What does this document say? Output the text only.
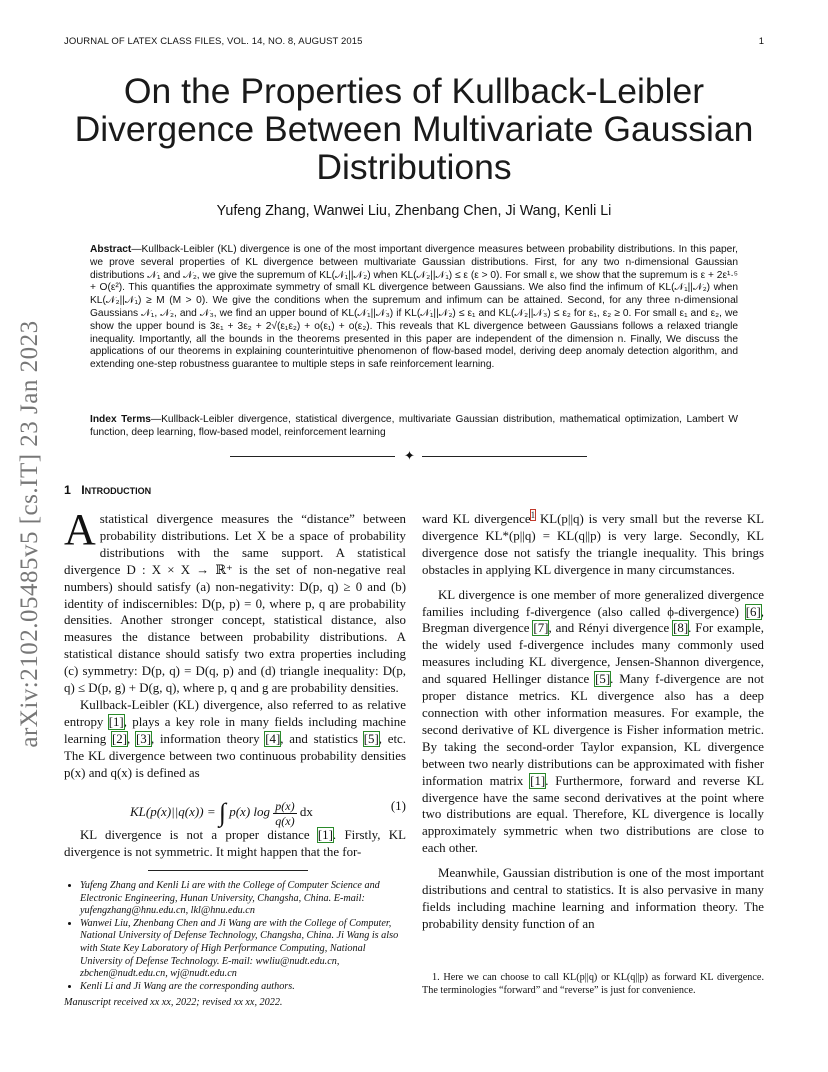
JOURNAL OF LATEX CLASS FILES, VOL. 14, NO. 8, AUGUST 2015	1
arXiv:2102.05485v5 [cs.IT] 23 Jan 2023
On the Properties of Kullback-Leibler
Divergence Between Multivariate Gaussian
Distributions
Yufeng Zhang, Wanwei Liu, Zhenbang Chen, Ji Wang, Kenli Li

Abstract—Kullback-Leibler (KL) divergence is one of the most important divergence measures between probability distributions. In this paper, we prove several properties of KL divergence between multivariate Gaussian distributions. First, for any two n-dimensional Gaussian distributions 𝒩₁ and 𝒩₂, we give the supremum of KL(𝒩₁||𝒩₂) when KL(𝒩₂||𝒩₁) ≤ ε (ε > 0). For small ε, we show that the supremum is ε + 2ε¹·⁵ + O(ε²). This quantifies the approximate symmetry of small KL divergence between Gaussians. We also find the infimum of KL(𝒩₁||𝒩₂) when KL(𝒩₂||𝒩₁) ≥ M (M > 0). We give the conditions when the supremum and infimum can be attained. Second, for any three n-dimensional Gaussians 𝒩₁, 𝒩₂, and 𝒩₃, we find an upper bound of KL(𝒩₁||𝒩₃) if KL(𝒩₁||𝒩₂) ≤ ε₁ and KL(𝒩₂||𝒩₃) ≤ ε₂ for ε₁, ε₂ ≥ 0. For small ε₁ and ε₂, we show the upper bound is 3ε₁ + 3ε₂ + 2√(ε₁ε₂) + o(ε₁) + o(ε₂). This reveals that KL divergence between Gaussians follows a relaxed triangle inequality. Importantly, all the bounds in the theorems presented in this paper are independent of the dimension n. Finally, We discuss the applications of our theorems in explaining counterintuitive phenomenon of flow-based model, deriving deep anomaly detection algorithm, and extending one-step robustness guarantee to multiple steps in safe reinforcement learning.

Index Terms—Kullback-Leibler divergence, statistical divergence, multivariate Gaussian distribution, mathematical optimization, Lambert W function, deep learning, flow-based model, reinforcement learning

✦
1 Introduction

A statistical divergence measures the “distance” between probability distributions. Let X be a space of probability distributions with the same support. A statistical divergence D : X × X → ℝ⁺ is the set of non-negative real numbers) should satisfy (a) non-negativity: D(p, q) ≥ 0 and (b) identity of indiscernibles: D(p, p) = 0, where p, q are probability densities. Another stronger concept, statistical distance, also measures the distance between probability distributions. A statistical distance should satisfy two extra properties including (c) symmetry: D(p, q) = D(q, p) and (d) triangle inequality: D(p, q) ≤ D(p, g) + D(g, q), where p, q and g are probability densities.

Kullback-Leibler (KL) divergence, also referred to as relative entropy [1], plays a key role in many fields including machine learning [2], [3], information theory [4], and statistics [5], etc. The KL divergence between two continuous probability densities p(x) and q(x) is defined as

KL(p(x)||q(x)) = ∫ p(x) $\log \frac{p(x)}{q(x)}$ dx	(1)

KL divergence is not a proper distance [1]. Firstly, KL divergence is not symmetric. It might happen that the for-

• Yufeng Zhang and Kenli Li are with the College of Computer Science and Electronic Engineering, Hunan University, Changsha, China. E-mail: yufengzhang@hnu.edu.cn, lkl@hnu.edu.cn
• Wanwei Liu, Zhenbang Chen and Ji Wang are with the College of Computer, National University of Defense Technology, Changsha, China. Ji Wang is also with State Key Laboratory of High Performance Computing, National University of Defense Technology. E-mail: wwliu@nudt.edu.cn, zbchen@nudt.edu.cn, wj@nudt.edu.cn
• Kenli Li and Ji Wang are the corresponding authors.
Manuscript received xx xx, 2022; revised xx xx, 2022.

ward KL divergence$^1$ KL(p||q) is very small but the reverse KL divergence KL*(p||q) = KL(q||p) is very large. Secondly, KL divergence dose not satisfy the triangle inequality. This brings obstacles in applying KL divergence in many circumstances.

KL divergence is one member of more generalized divergence families including f-divergence (also called ϕ-divergence) [6], Bregman divergence [7], and Rényi divergence [8]. For example, the widely used f-divergence includes many commonly used measures including KL divergence, Jensen-Shannon divergence, and squared Hellinger distance [5]. Many f-divergence are not proper distance metrics. KL divergence also has a deep connection with other information measures. For example, the second derivative of KL divergence is Fisher information metric. By taking the second-order Taylor expansion, KL divergence between two nearly distributions can be approximated with fisher information matrix [1]. Furthermore, forward and reverse KL divergence have the same second derivatives at the point where two distributions are equal. Therefore, KL divergence is locally approximately symmetric when two distributions are close to each other.

Meanwhile, Gaussian distribution is one of the most important distributions and central to statistics. It is also pervasive in many fields including machine learning and information theory. The probability density function of an

1. Here we can choose to call KL(p||q) or KL(q||p) as forward KL divergence. The terminologies “forward” and “reverse” is just for convenience.
